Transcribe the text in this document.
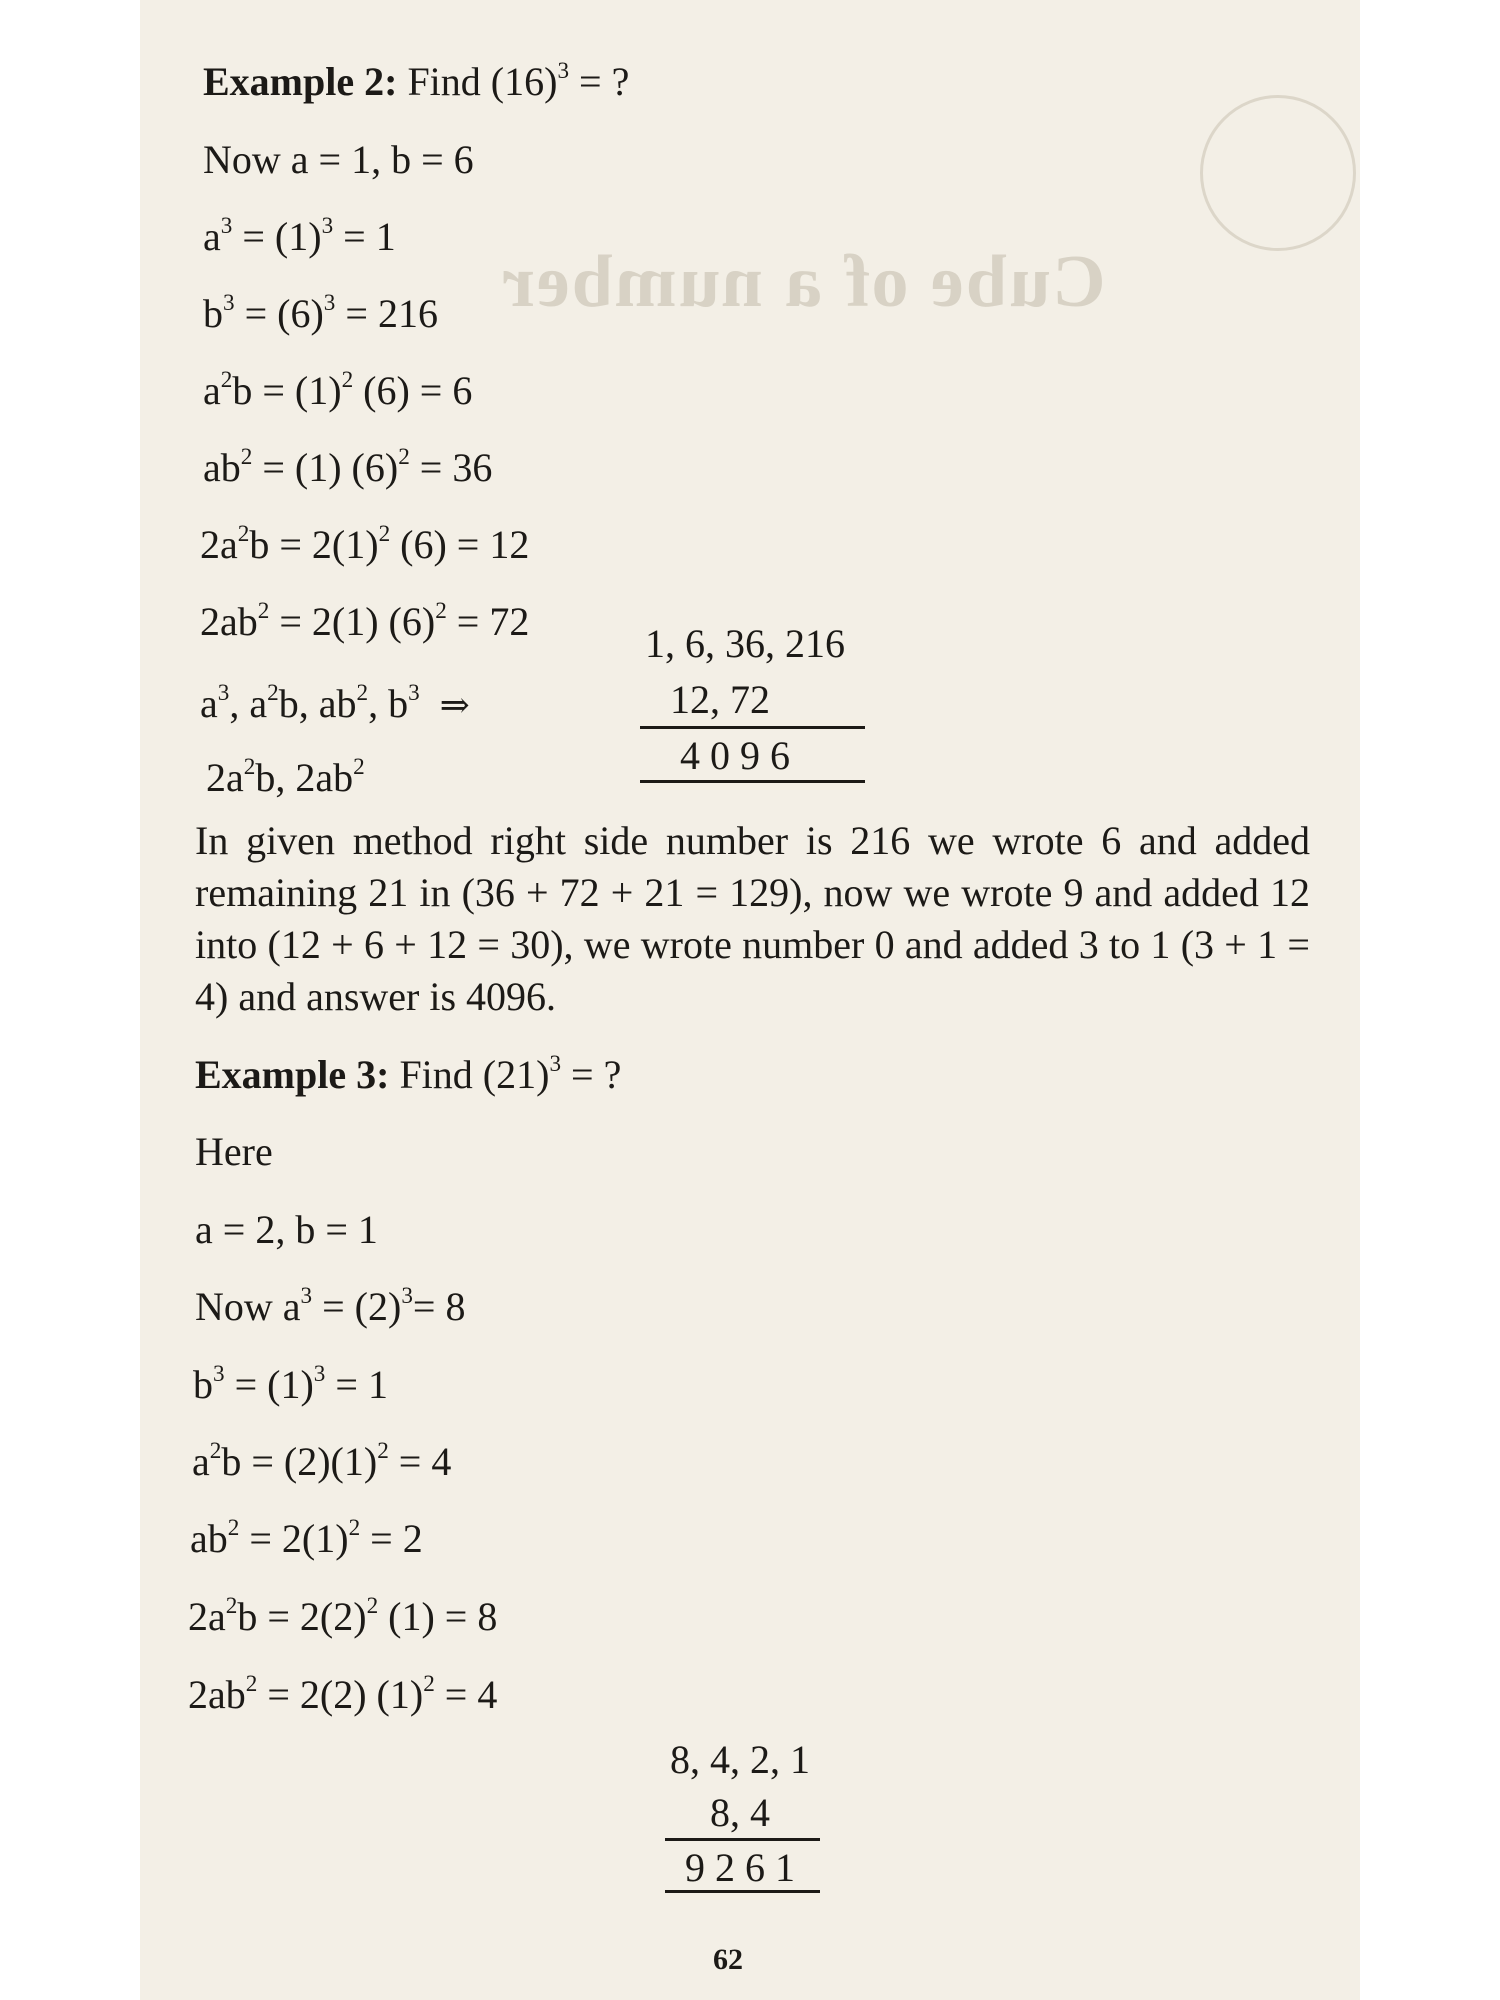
Cube of a number
Example 2: Find $(16)^3$ = ?
Now a = 1, b = 6
$a^3 = (1)^3 = 1$
$b^3 = (6)^3 = 216$
$a^2b = (1)^2$ (6) = 6
$ab^2 = (1) (6)^2 = 36$
$2a^2b = 2(1)^2$ (6) = 12
$2ab^2 = 2(1) (6)^2 = 72$
$a^3$, $a^2b$, $ab^2$, $b^3$ ⇒
$2a^2b$, $2ab^2$
1, 6, 36, 216
12, 72
4 0 9 6

In given method right side number is 216 we wrote 6 and added remaining 21 in (36 + 72 + 21 = 129), now we wrote 9 and added 12 into (12 + 6 + 12 = 30), we wrote number 0 and added 3 to 1 (3 + 1 = 4) and answer is 4096.

Example 3: Find $(21)^3$ = ?
Here
a = 2, b = 1
Now $a^3 = (2)^3= 8$
$b^3 = (1)^3 = 1$
$a^2b = (2)(1)^2 = 4$
$ab^2 = 2(1)^2 = 2$
$2a^2b = 2(2)^2$ (1) = 8
$2ab^2 = 2(2) (1)^2 = 4$
8, 4, 2, 1
8, 4
9 2 6 1
62
